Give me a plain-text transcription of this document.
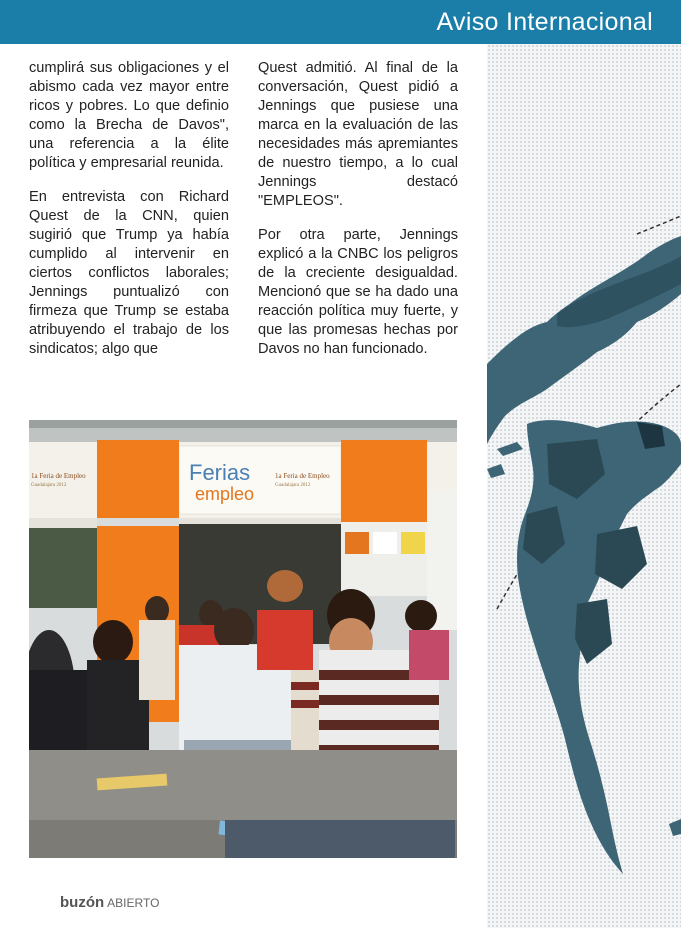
Aviso Internacional

cumplirá sus obligaciones y el abismo cada vez mayor entre ricos y pobres. Lo que definio como la Brecha de Davos", una referencia a la élite política y empresarial reunida.

En entrevista con Richard Quest de la CNN, quien sugirió que Trump ya había cumplido al intervenir en ciertos conflictos laborales; Jennings puntualizó con firmeza que Trump se estaba atribuyendo el trabajo de los sindicatos; algo que

Quest admitió. Al final de la conversación, Quest pidió a Jennings que pusiese una marca en la evaluación de las necesidades más apremiantes de nuestro tiempo, a lo cual Jennings destacó "EMPLEOS".

Por otra parte, Jennings explicó a la CNBC los peligros de la creciente desigualdad. Mencionó que se ha dado una reacción política muy fuerte, y que las promesas hechas por Davos no han funcionado.

Ferias
empleo
1a Feria de Empleo
Guadalajara 2012
1a Feria de Empleo
Guadalajara 2012
buzón ABIERTO
